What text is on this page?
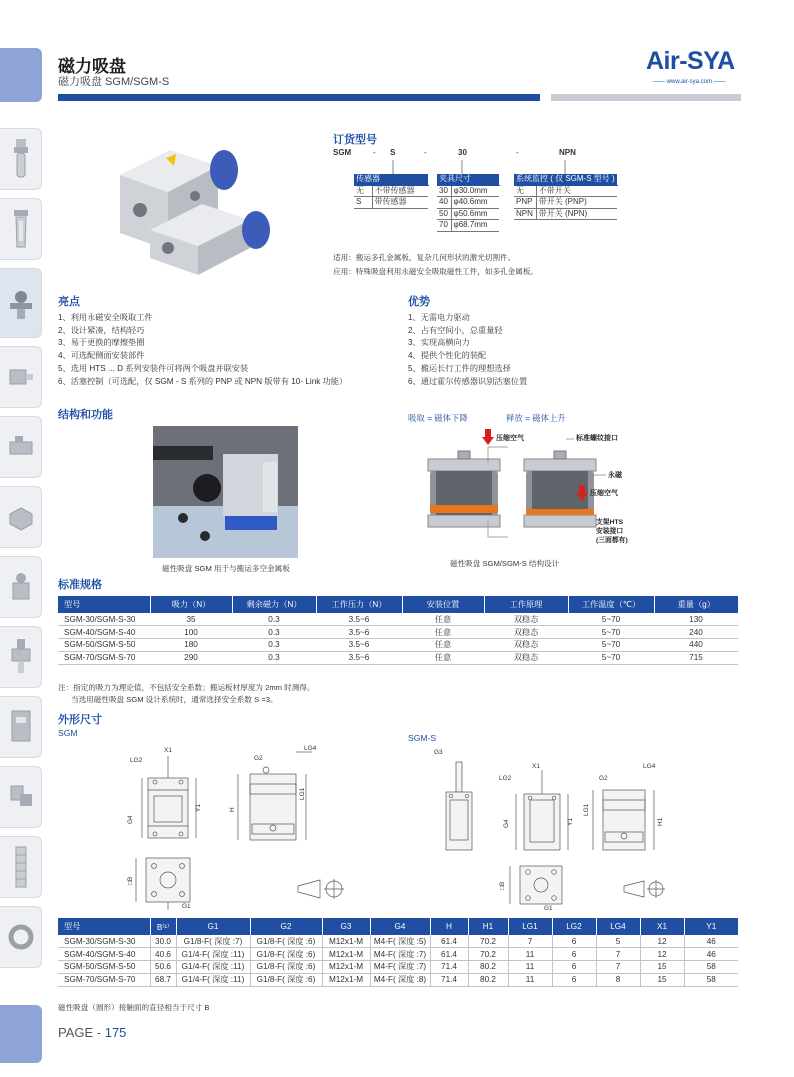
磁力吸盘
磁力吸盘 SGM/SGM-S
Air-SYA
—— www.air-sya.com ——
订货型号
SGM	- S	-	30	-	NPN
传感器	
无	不带传感器
S	带传感器
夹具尺寸	
30	φ30.0mm
40	φ40.6mm
50	φ50.6mm
70	φ68.7mm
系统监控 ( 仅 SGM-S 型号 )	
无	不带开关
PNP	带开关 (PNP)
NPN	带开关 (NPN)
适用：搬运多孔金属板、复杂几何形状的激光切割件。
应用：特殊吸盘利用永磁安全吸取磁性工件，如多孔金属板。
亮点
1、利用永磁安全吸取工件
2、设计紧凑，结构轻巧
3、易于更换的摩擦垫圈
4、可选配侧面安装部件
5、选用 HTS ... D 系列安装件可将两个吸盘并联安装
6、活塞控制（可选配，仅 SGM - S 系列的 PNP 或 NPN 版带有 10- Link 功能）
优势
1、无需电力驱动
2、占有空间小，总重量轻
3、实现高横向力
4、提供个性化的装配
5、搬运长行工件的理想选择
6、通过霍尔传感器识别活塞位置
结构和功能
磁性吸盘 SGM 用于与搬运多空金属板
吸取 = 磁体下降	释放 = 磁体上升
压缩空气	标准螺纹接口
永磁
压缩空气
支架HTS
安装接口
(三面都有)
磁性吸盘 SGM/SGM-S 结构设计
标准规格
型号	吸力（N）	剩余磁力（N）	工作压力（N）	安装位置	工作原理	工作温度（℃）	重量（g）
SGM-30/SGM-S-30	35	0.3	3.5~6	任意	双稳态	5~70	130
SGM-40/SGM-S-40	100	0.3	3.5~6	任意	双稳态	5~70	240
SGM-50/SGM-S-50	180	0.3	3.5~6	任意	双稳态	5~70	440
SGM-70/SGM-S-70	290	0.3	3.5~6	任意	双稳态	5~70	715
注：指定的吸力为理论值，不包括安全系数；搬运板材厚度为 2mm 时测得。
当选用磁性吸盘 SGM 设计系统时，通常选择安全系数 S =3。
外形尺寸
SGM	SGM-S
X1
LG2
Y1
G4
G2
LG4
H
LG1
□B
G1
G3
X1
LG2
Y1
G4
G2
LG4
LG1
H1
□B
G1
型号	B⁽¹⁾	G1	G2	G3	G4	H	H1	LG1	LG2	LG4	X1	Y1
SGM-30/SGM-S-30	30.0	G1/8-F( 深度 :7)	G1/8-F( 深度 :6)	M12x1-M	M4-F( 深度 :5)	61.4	70.2	7	6	5	12	46
SGM-40/SGM-S-40	40.6	G1/4-F( 深度 :11)	G1/8-F( 深度 :6)	M12x1-M	M4-F( 深度 :7)	61.4	70.2	11	6	7	12	46
SGM-50/SGM-S-50	50.6	G1/4-F( 深度 :11)	G1/8-F( 深度 :6)	M12x1-M	M4-F( 深度 :7)	71.4	80.2	11	6	7	15	58
SGM-70/SGM-S-70	68.7	G1/4-F( 深度 :11)	G1/8-F( 深度 :6)	M12x1-M	M4-F( 深度 :8)	71.4	80.2	11	6	8	15	58
磁性吸盘（圆形）接触面的直径相当于尺寸 B
PAGE - 175
